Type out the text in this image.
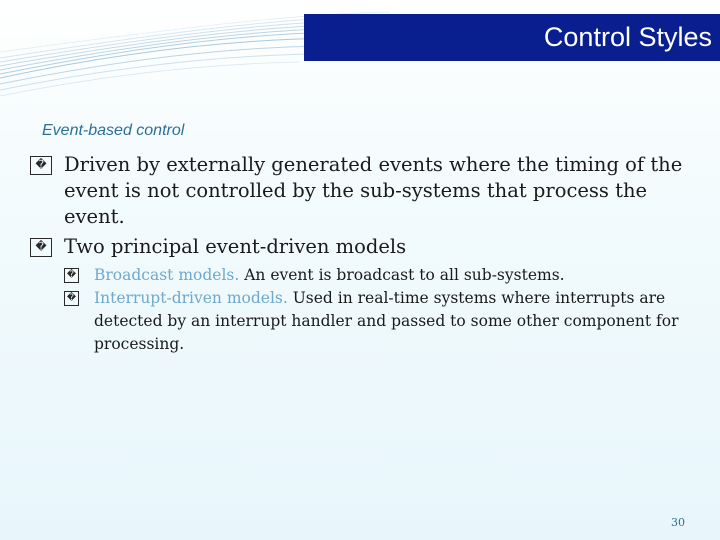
Control Styles
Event-based control
� Driven by externally generated events where the timing of the event is not controlled by the sub-systems that process the event.
� Two principal event-driven models
� Broadcast models. An event is broadcast to all sub-systems.
� Interrupt-driven models. Used in real-time systems where interrupts are detected by an interrupt handler and passed to some other component for processing.
30
